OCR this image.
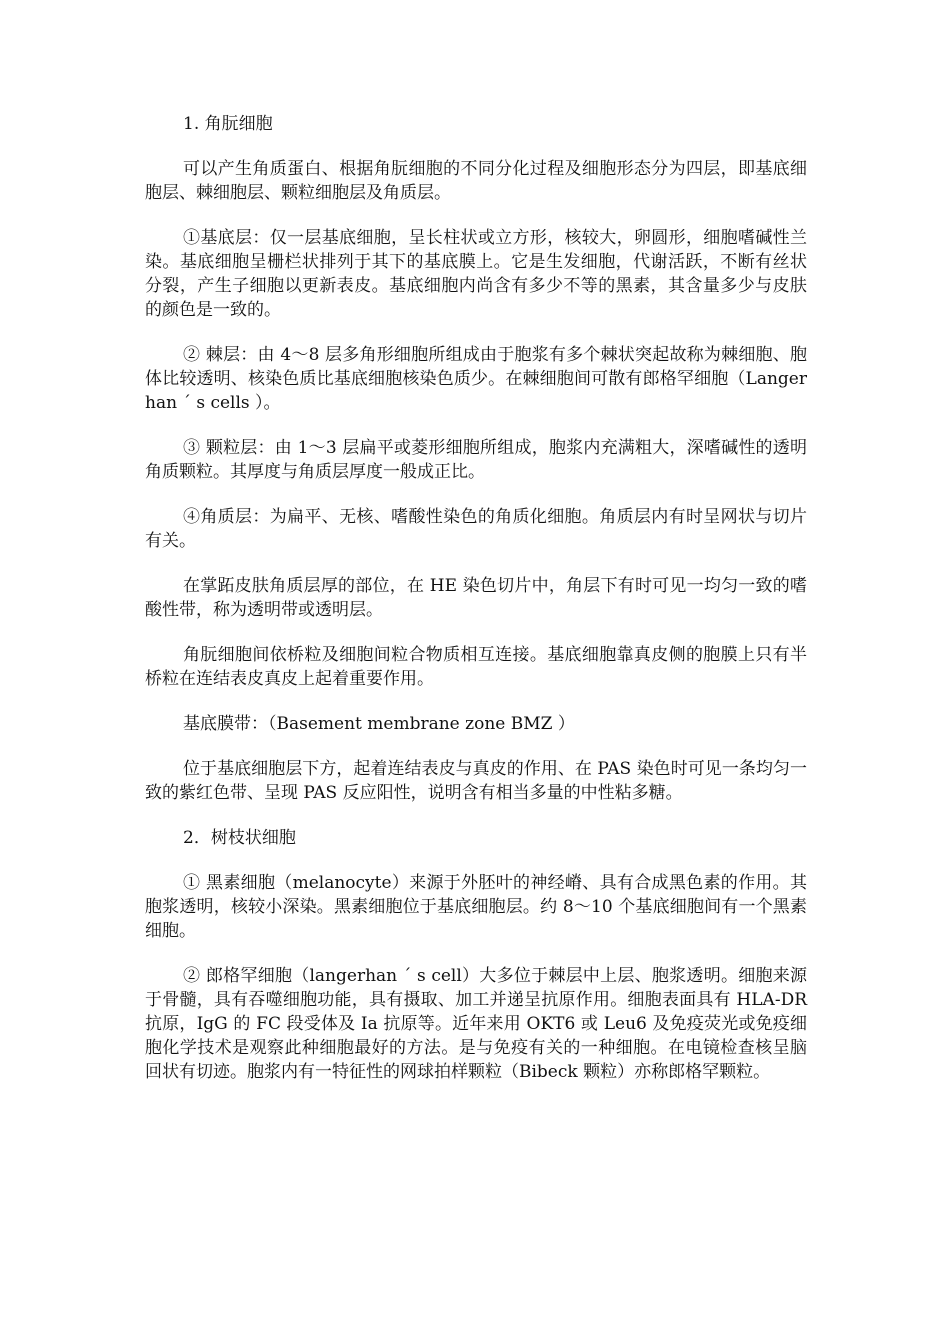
1. 角朊细胞

可以产生角质蛋白、根据角朊细胞的不同分化过程及细胞形态分为四层，即基底细胞层、棘细胞层、颗粒细胞层及角质层。

①基底层：仅一层基底细胞，呈长柱状或立方形，核较大，卵圆形，细胞嗜碱性兰染。基底细胞呈栅栏状排列于其下的基底膜上。它是生发细胞，代谢活跃，不断有丝状分裂，产生子细胞以更新表皮。基底细胞内尚含有多少不等的黑素，其含量多少与皮肤的颜色是一致的。

② 棘层：由 4～8 层多角形细胞所组成由于胞浆有多个棘状突起故称为棘细胞、胞体比较透明、核染色质比基底细胞核染色质少。在棘细胞间可散有郎格罕细胞（Langerhan ´ s cells ）。

③ 颗粒层：由 1～3 层扁平或菱形细胞所组成，胞浆内充满粗大，深嗜碱性的透明角质颗粒。其厚度与角质层厚度一般成正比。

④角质层：为扁平、无核、嗜酸性染色的角质化细胞。角质层内有时呈网状与切片有关。

在掌跖皮肤角质层厚的部位，在 HE 染色切片中，角层下有时可见一均匀一致的嗜酸性带，称为透明带或透明层。

角朊细胞间依桥粒及细胞间粒合物质相互连接。基底细胞靠真皮侧的胞膜上只有半桥粒在连结表皮真皮上起着重要作用。

基底膜带：（Basement membrane zone BMZ ）

位于基底细胞层下方，起着连结表皮与真皮的作用、在 PAS 染色时可见一条均匀一致的紫红色带、呈现 PAS 反应阳性，说明含有相当多量的中性粘多糖。

2．树枝状细胞

① 黑素细胞（melanocyte）来源于外胚叶的神经嵴、具有合成黑色素的作用。其胞浆透明，核较小深染。黑素细胞位于基底细胞层。约 8～10 个基底细胞间有一个黑素细胞。

② 郎格罕细胞（langerhan ´ s cell）大多位于棘层中上层、胞浆透明。细胞来源于骨髓，具有吞噬细胞功能，具有摄取、加工并递呈抗原作用。细胞表面具有 HLA-DR 抗原，IgG 的 FC 段受体及 Ia 抗原等。近年来用 OKT6 或 Leu6 及免疫荧光或免疫细胞化学技术是观察此种细胞最好的方法。是与免疫有关的一种细胞。在电镜检查核呈脑回状有切迹。胞浆内有一特征性的网球拍样颗粒（Bibeck 颗粒）亦称郎格罕颗粒。
